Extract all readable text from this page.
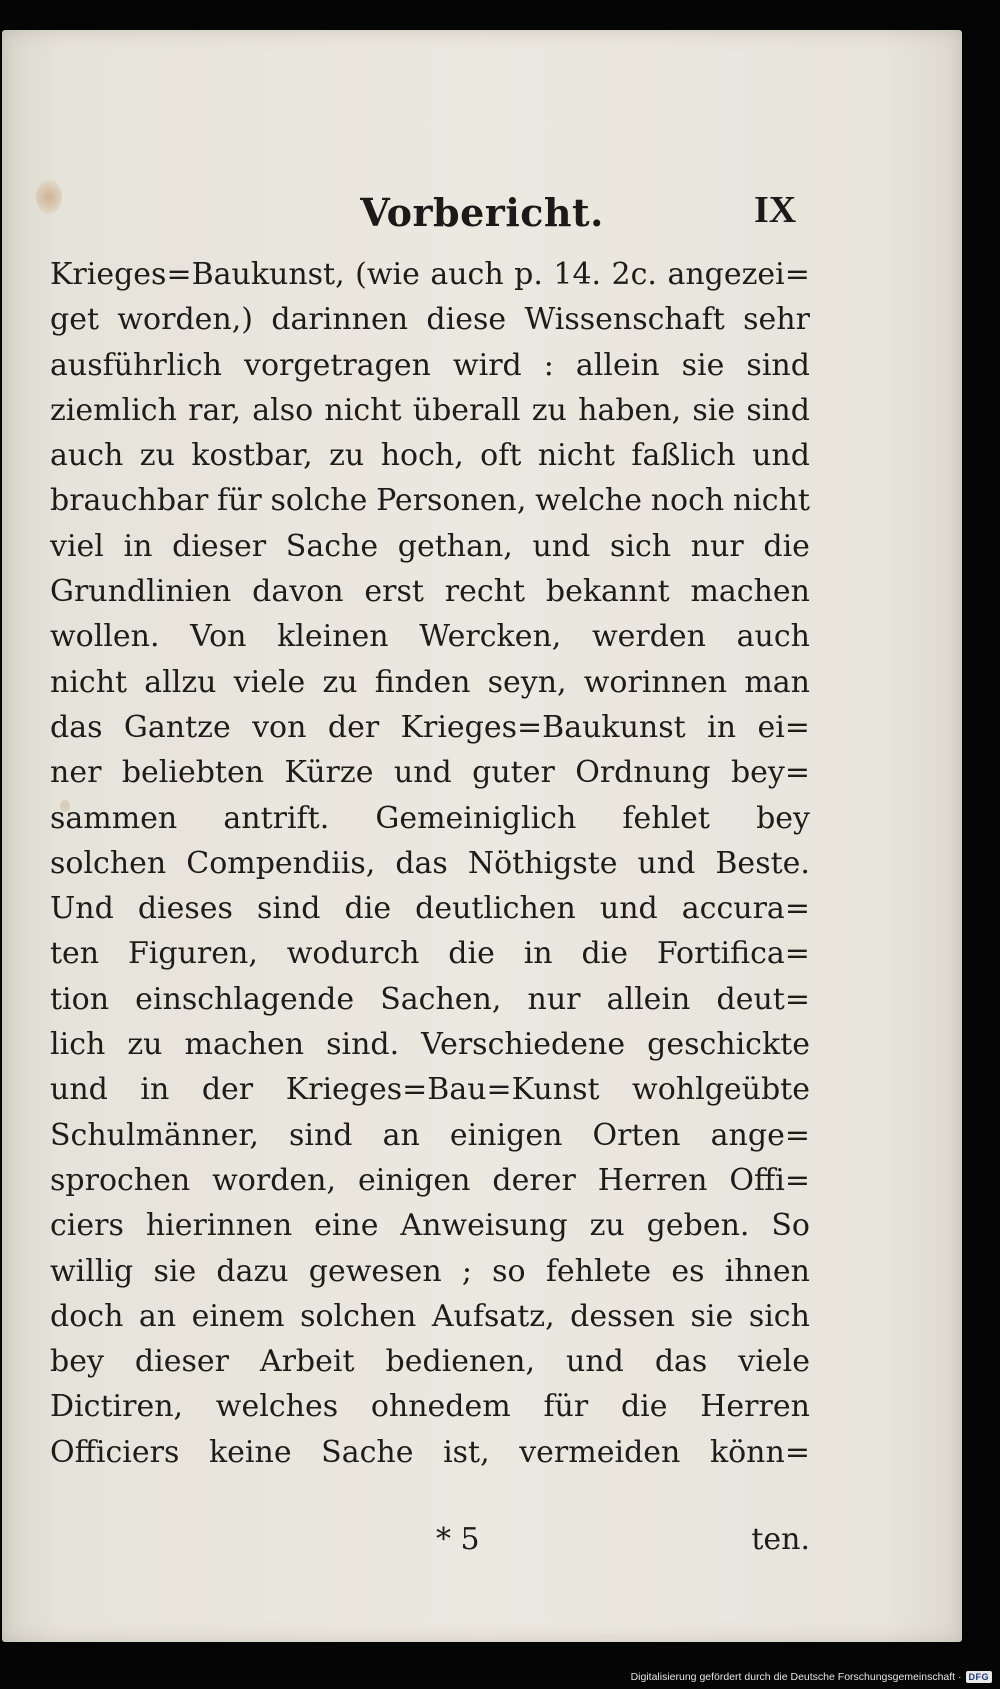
Vorbericht.	IX
Krieges=Baukunst, (wie auch p. 14. 2c. angezei=
get worden,) darinnen diese Wissenschaft sehr
ausführlich vorgetragen wird : allein sie sind
ziemlich rar, also nicht überall zu haben, sie sind
auch zu kostbar, zu hoch, oft nicht faßlich und
brauchbar für solche Personen, welche noch nicht
viel in dieser Sache gethan, und sich nur die
Grundlinien davon erst recht bekannt machen
wollen. Von kleinen Wercken, werden auch
nicht allzu viele zu finden seyn, worinnen man
das Gantze von der Krieges=Baukunst in ei=
ner beliebten Kürze und guter Ordnung bey=
sammen antrift. Gemeiniglich fehlet bey
solchen Compendiis, das Nöthigste und Beste.
Und dieses sind die deutlichen und accura=
ten Figuren, wodurch die in die Fortifica=
tion einschlagende Sachen, nur allein deut=
lich zu machen sind. Verschiedene geschickte
und in der Krieges=Bau=Kunst wohlgeübte
Schulmänner, sind an einigen Orten ange=
sprochen worden, einigen derer Herren Offi=
ciers hierinnen eine Anweisung zu geben. So
willig sie dazu gewesen ; so fehlete es ihnen
doch an einem solchen Aufsatz, dessen sie sich
bey dieser Arbeit bedienen, und das viele
Dictiren, welches ohnedem für die Herren
Officiers keine Sache ist, vermeiden könn=
* 5	ten.
Digitalisierung gefördert durch die Deutsche Forschungsgemeinschaft · DFG
